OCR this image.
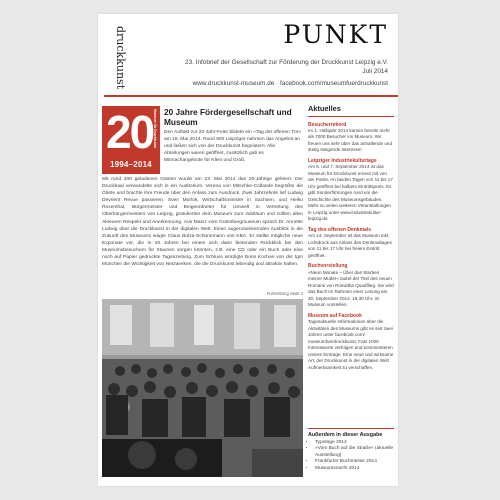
druckkunst	PUNKT
23. Infobrief der Gesellschaft zur Förderung der Druckkunst Leipzig e.V.
Juli 2014
www.druckkunst-museum.de · facebook.com/museumfuerdruckkunst
20 Museum für Druckkunst
1994–2014
20 Jahre Fördergesellschaft und Museum
Den Auftakt zur 20-Jahr-Feier bildete ein »Tag der offenen Tür« am 18. Mai 2014. Rund 500 Leipziger nahmen das Angebot an und ließen sich von der Druckkunst begeistern. Alle Abteilungen waren geöffnet, zusätzlich gab es Mitmachangebote für Klein und Groß.
Mit rund 200 geladenen Gästen wurde am 23. Mai 2014 das 20-Jährige gefeiert. Der Druckkaal verwandelte sich in ein Auditorium. Verena von Mitschke-Collande begrüßte die Gäste und brachte ihre Freude über den Anlass zum Ausdruck. Zwei Jahrzehnte lief Ludwig Devrient Revue passieren. Sven Morlok, Wirtschaftsminister in Sachsen, und Heiko Rosenthal, Bürgermeister und Beigeordneter für Umwelt in Vertretung des Oberbürgermeisters von Leipzig, gratulierten dem Museum zum Jubiläum und zollten allen Akteuren Respekt und Anerkennung. Aus Mainz vom Gutenbergmuseum sprach Dr. Annette Ludwig über die Druckkunst in der digitalen Welt. Einen augenzwinkernden Ausblick in die Zukunft des Museums wagte Claus Bolza-Schünemann von KBA. Er stellte mögliche neue Exponate vor, die in 20 Jahren bei einem sich dann bietenden Rückblick bei den Museumsbesuchern für Staunen sorgen könnten, z.B. eine CD oder ein Buch oder eine noch auf Papier gedruckte Tageszeitung. Zum Schluss würdigte Boris Kochan von der tgm München die Wichtigkeit von Netzwerken, die die Druckkunst lebendig und attraktiv halten.
Fortsetzung Seite 2
Aktuelles
Besucherrekord
Im 1. Halbjahr 2014 kamen bereits mehr als 7000 Besucher ins Museum. Wir freuen uns sehr über das anhaltende und stetig steigende Interesse!
Leipziger Industriekulturtage
Am 6. und 7. September 2014 ist das Museum für Druckkunst erneut mit von der Partie. An beiden Tagen von 11 bis 17 Uhr geöffnet bei halbem Eintrittspreis. Es gibt Sonderführungen rund um die Geschichte des Museumsgebäudes. Mehr zu vielen weiteren Veranstaltungen in Leipzig unter www.industriekultur-leipzig.de.
Tag des offenen Denkmals
Am 14. September ist das Museum inkl. Lichtdruck aus Anlass des Denkmaltages von 11 bis 17 Uhr bei freiem Eintritt geöffnet.
Buchvorstellung
»Neun Monate – Über das Sterben meiner Mutter« lautet der Titel des neuen Romans von Roswitha Quadflieg. Sie wird das Buch im Rahmen einer Lesung am 30. September 2014, 19.30 Uhr, im Museum vorstellen.
Museum auf Facebook
Tagesaktuelle Informationen über die Aktivitäten des Museums gibt es seit zwei Jahren unter facebook.com/ museumfuerdruckkunst. Fast 1000 Interessierte verfolgen und kommentieren unsere Einträge. Eine neue und wirksame Art, der Druckkunst in der digitalen Welt Aufmerksamkeit zu verschaffen.
Außerdem in dieser Ausgabe
• Typotage 2014
• »Vom Buch auf die Straße« (aktuelle Ausstellung)
• Frankfurter Buchmesse 2014
• Museumsnacht 2014
